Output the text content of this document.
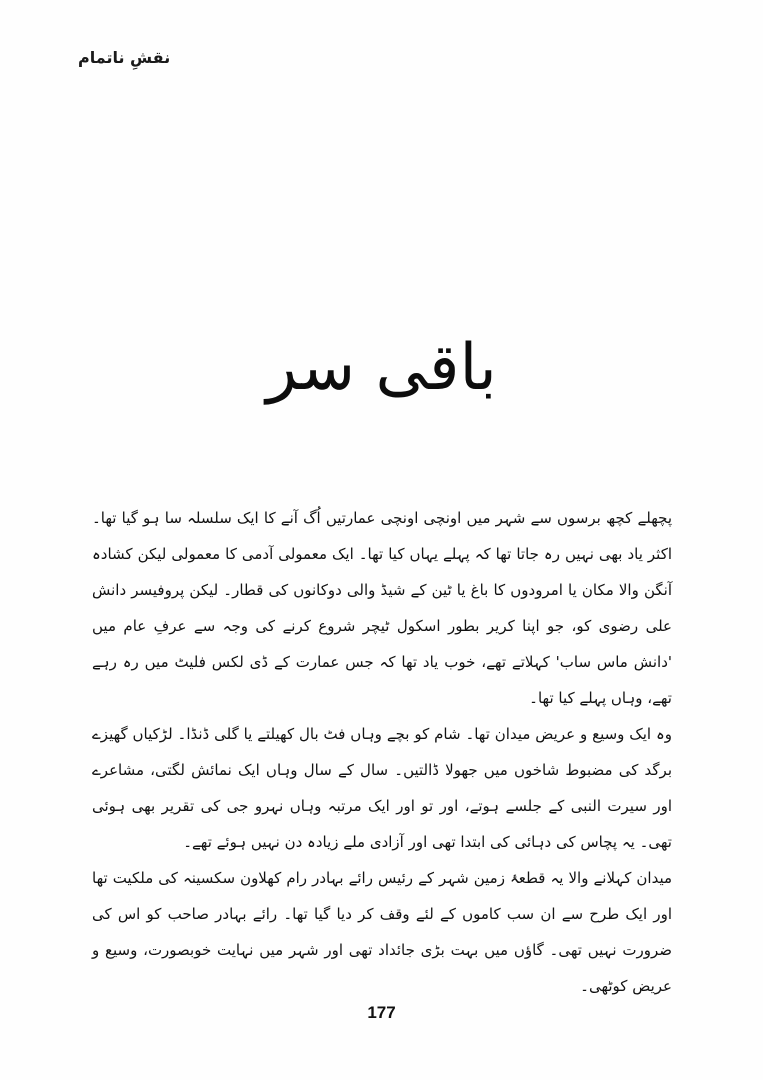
نقشِ ناتمام
باقی سر

پچھلے کچھ برسوں سے شہر میں اونچی اونچی عمارتیں اُگ آنے کا ایک سلسلہ سا ہو گیا تھا۔ اکثر یاد بھی نہیں رہ جاتا تھا کہ پہلے یہاں کیا تھا۔ ایک معمولی آدمی کا معمولی لیکن کشادہ آنگن والا مکان یا امرودوں کا باغ یا ٹین کے شیڈ والی دوکانوں کی قطار۔ لیکن پروفیسر دانش علی رضوی کو، جو اپنا کریر بطور اسکول ٹیچر شروع کرنے کی وجہ سے عرفِ عام میں 'دانش ماس ساب' کہلاتے تھے، خوب یاد تھا کہ جس عمارت کے ڈی لکس فلیٹ میں رہ رہے تھے، وہاں پہلے کیا تھا۔

وہ ایک وسیع و عریض میدان تھا۔ شام کو بچے وہاں فٹ بال کھیلتے یا گلی ڈنڈا۔ لڑکیاں گھیزے برگد کی مضبوط شاخوں میں جھولا ڈالتیں۔ سال کے سال وہاں ایک نمائش لگتی، مشاعرے اور سیرت النبی کے جلسے ہوتے، اور تو اور ایک مرتبہ وہاں نہرو جی کی تقریر بھی ہوئی تھی۔ یہ پچاس کی دہائی کی ابتدا تھی اور آزادی ملے زیادہ دن نہیں ہوئے تھے۔

میدان کہلانے والا یہ قطعۂ زمین شہر کے رئیس رائے بہادر رام کھلاون سکسینہ کی ملکیت تھا اور ایک طرح سے ان سب کاموں کے لئے وقف کر دیا گیا تھا۔ رائے بہادر صاحب کو اس کی ضرورت نہیں تھی۔ گاؤں میں بہت بڑی جائداد تھی اور شہر میں نہایت خوبصورت، وسیع و عریض کوٹھی۔

177
